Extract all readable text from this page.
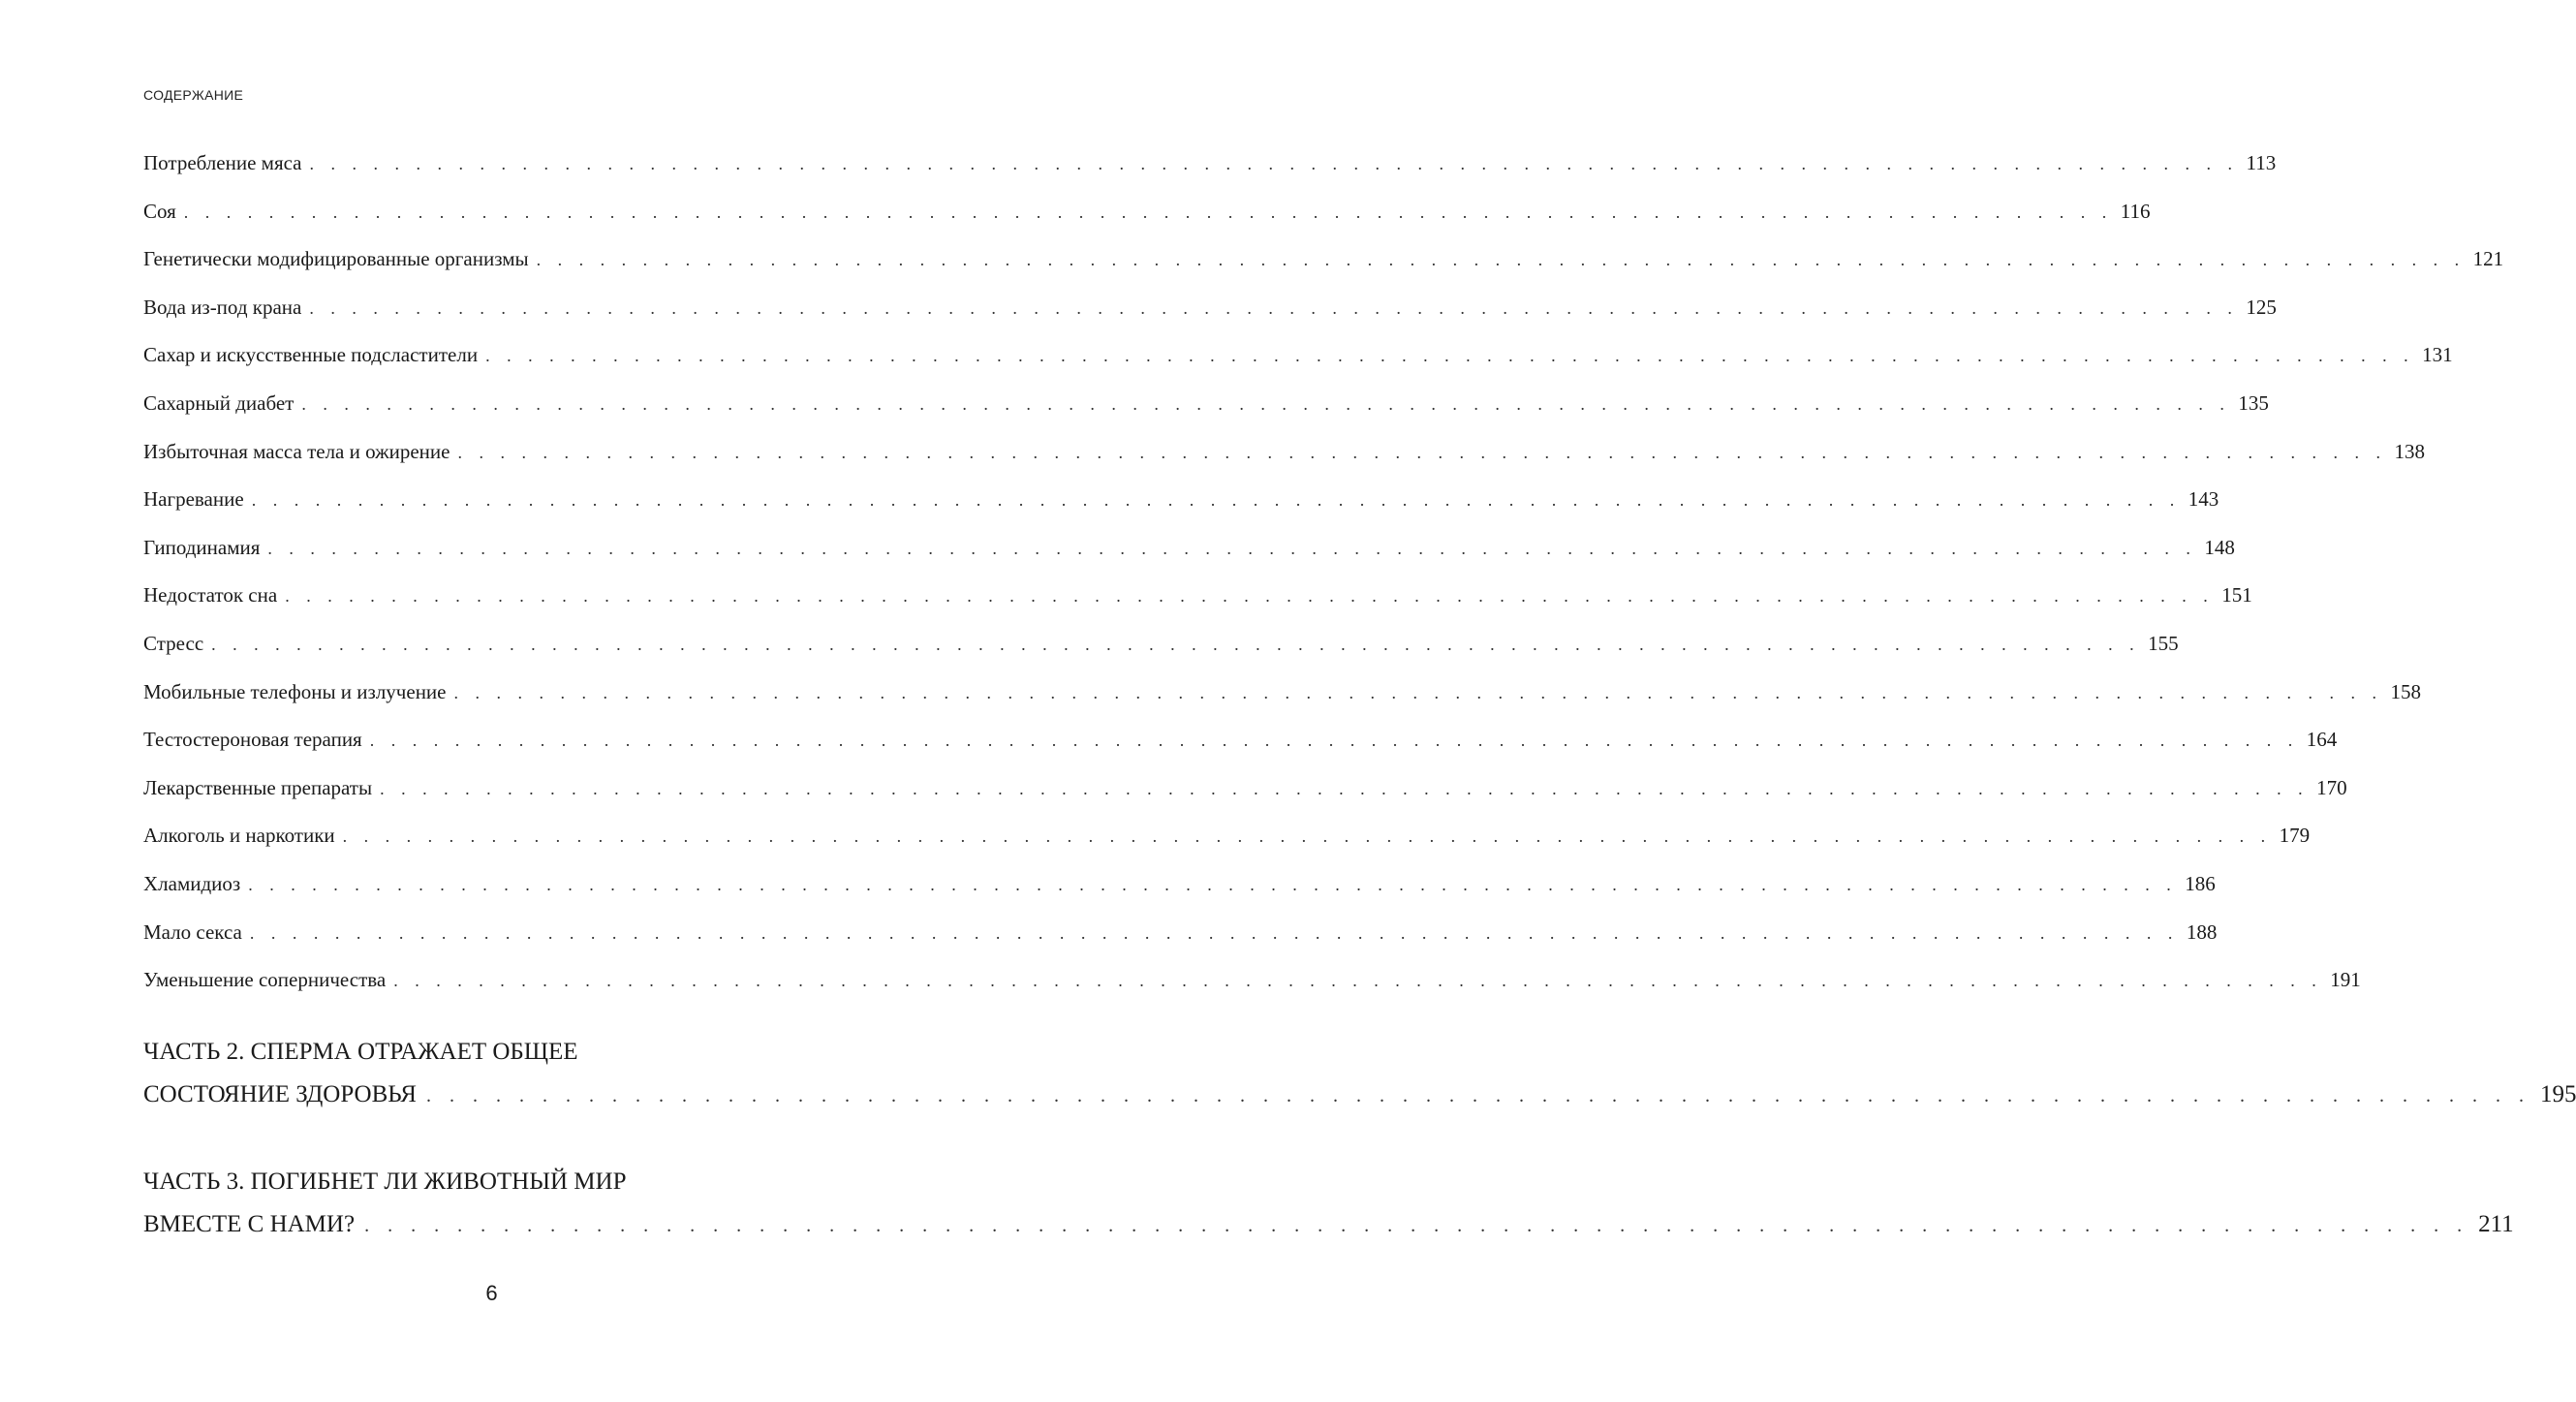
СОДЕРЖАНИЕ
Потребление мяса . . . . . . . . . . . . . . . . . . . . . . . . . . . . . . . . . . . . . . . . . . . . . . . . . . . . . . . . . . . . . . . . . . . . . . . . . . . . . . . . . . . . . . . . . . . 113
Соя . . . . . . . . . . . . . . . . . . . . . . . . . . . . . . . . . . . . . . . . . . . . . . . . . . . . . . . . . . . . . . . . . . . . . . . . . . . . . . . . . . . . . . . . . . . 116
Генетически модифицированные организмы . . . . . . . . . . . . . . . . . . . . . . . . . . . . . . . . . . . . . . . . . . . . . . . . . . . . . . . . . . . . . . . . . . . . . . . . . . . . . . . . . . . . . . . . . . . 121
Вода из-под крана . . . . . . . . . . . . . . . . . . . . . . . . . . . . . . . . . . . . . . . . . . . . . . . . . . . . . . . . . . . . . . . . . . . . . . . . . . . . . . . . . . . . . . . . . . . 125
Сахар и искусственные подсластители . . . . . . . . . . . . . . . . . . . . . . . . . . . . . . . . . . . . . . . . . . . . . . . . . . . . . . . . . . . . . . . . . . . . . . . . . . . . . . . . . . . . . . . . . . . 131
Сахарный диабет . . . . . . . . . . . . . . . . . . . . . . . . . . . . . . . . . . . . . . . . . . . . . . . . . . . . . . . . . . . . . . . . . . . . . . . . . . . . . . . . . . . . . . . . . . . 135
Избыточная масса тела и ожирение . . . . . . . . . . . . . . . . . . . . . . . . . . . . . . . . . . . . . . . . . . . . . . . . . . . . . . . . . . . . . . . . . . . . . . . . . . . . . . . . . . . . . . . . . . . 138
Нагревание . . . . . . . . . . . . . . . . . . . . . . . . . . . . . . . . . . . . . . . . . . . . . . . . . . . . . . . . . . . . . . . . . . . . . . . . . . . . . . . . . . . . . . . . . . . 143
Гиподинамия . . . . . . . . . . . . . . . . . . . . . . . . . . . . . . . . . . . . . . . . . . . . . . . . . . . . . . . . . . . . . . . . . . . . . . . . . . . . . . . . . . . . . . . . . . . 148
Недостаток сна . . . . . . . . . . . . . . . . . . . . . . . . . . . . . . . . . . . . . . . . . . . . . . . . . . . . . . . . . . . . . . . . . . . . . . . . . . . . . . . . . . . . . . . . . . . 151
Стресс . . . . . . . . . . . . . . . . . . . . . . . . . . . . . . . . . . . . . . . . . . . . . . . . . . . . . . . . . . . . . . . . . . . . . . . . . . . . . . . . . . . . . . . . . . . 155
Мобильные телефоны и излучение . . . . . . . . . . . . . . . . . . . . . . . . . . . . . . . . . . . . . . . . . . . . . . . . . . . . . . . . . . . . . . . . . . . . . . . . . . . . . . . . . . . . . . . . . . . 158
Тестостероновая терапия . . . . . . . . . . . . . . . . . . . . . . . . . . . . . . . . . . . . . . . . . . . . . . . . . . . . . . . . . . . . . . . . . . . . . . . . . . . . . . . . . . . . . . . . . . . 164
Лекарственные препараты . . . . . . . . . . . . . . . . . . . . . . . . . . . . . . . . . . . . . . . . . . . . . . . . . . . . . . . . . . . . . . . . . . . . . . . . . . . . . . . . . . . . . . . . . . . 170
Алкоголь и наркотики . . . . . . . . . . . . . . . . . . . . . . . . . . . . . . . . . . . . . . . . . . . . . . . . . . . . . . . . . . . . . . . . . . . . . . . . . . . . . . . . . . . . . . . . . . . 179
Хламидиоз . . . . . . . . . . . . . . . . . . . . . . . . . . . . . . . . . . . . . . . . . . . . . . . . . . . . . . . . . . . . . . . . . . . . . . . . . . . . . . . . . . . . . . . . . . . 186
Мало секса . . . . . . . . . . . . . . . . . . . . . . . . . . . . . . . . . . . . . . . . . . . . . . . . . . . . . . . . . . . . . . . . . . . . . . . . . . . . . . . . . . . . . . . . . . . 188
Уменьшение соперничества . . . . . . . . . . . . . . . . . . . . . . . . . . . . . . . . . . . . . . . . . . . . . . . . . . . . . . . . . . . . . . . . . . . . . . . . . . . . . . . . . . . . . . . . . . . 191
ЧАСТЬ 2. СПЕРМА ОТРАЖАЕТ ОБЩЕЕ
СОСТОЯНИЕ ЗДОРОВЬЯ . . . . . . . . . . . . . . . . . . . . . . . . . . . . . . . . . . . . . . . . . . . . . . . . . . . . . . . . . . . . . . . . . . . . . . . . . . . . . . . . . . . . . . . . . . . 195
ЧАСТЬ 3. ПОГИБНЕТ ЛИ ЖИВОТНЫЙ МИР
ВМЕСТЕ С НАМИ? . . . . . . . . . . . . . . . . . . . . . . . . . . . . . . . . . . . . . . . . . . . . . . . . . . . . . . . . . . . . . . . . . . . . . . . . . . . . . . . . . . . . . . . . . . . 211
6
